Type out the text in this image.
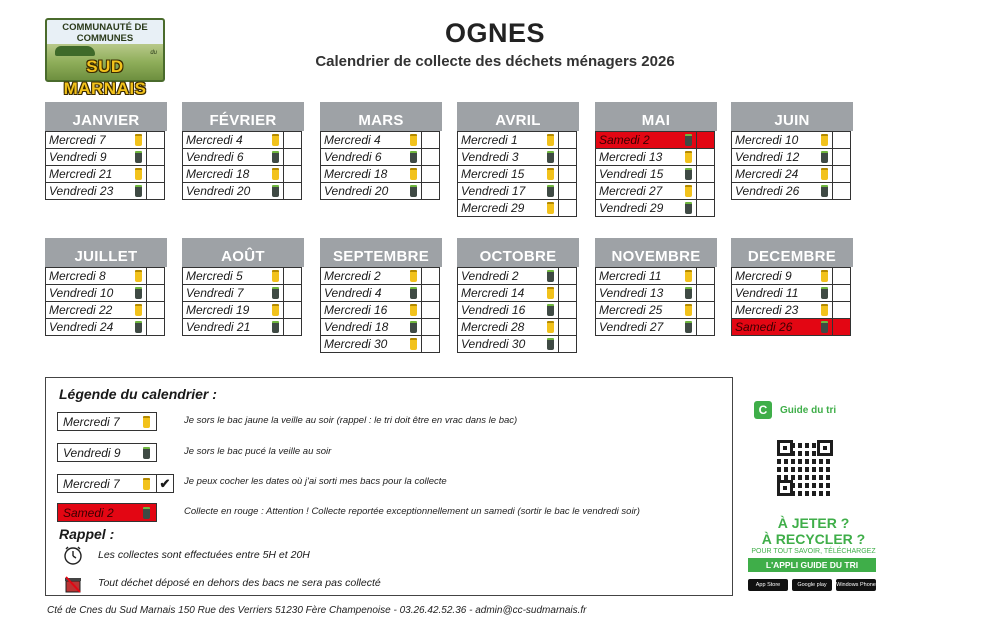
COMMUNAUTÉ DE
COMMUNES
du
SUD MARNAIS
OGNES
Calendrier de collecte des déchets ménagers 2026
JANVIER
Mercredi 7

Vendredi 9

Mercredi 21

Vendredi 23

FÉVRIER
Mercredi 4

Vendredi 6

Mercredi 18

Vendredi 20

MARS
Mercredi 4

Vendredi 6

Mercredi 18

Vendredi 20

AVRIL
Mercredi 1

Vendredi 3

Mercredi 15

Vendredi 17

Mercredi 29

MAI
Samedi 2

Mercredi 13

Vendredi 15

Mercredi 27

Vendredi 29

JUIN
Mercredi 10

Vendredi 12

Mercredi 24

Vendredi 26

JUILLET
Mercredi 8

Vendredi 10

Mercredi 22

Vendredi 24

AOÛT
Mercredi 5

Vendredi 7

Mercredi 19

Vendredi 21

SEPTEMBRE
Mercredi 2

Vendredi 4

Mercredi 16

Vendredi 18

Mercredi 30

OCTOBRE
Vendredi 2

Mercredi 14

Vendredi 16

Mercredi 28

Vendredi 30

NOVEMBRE
Mercredi 11

Vendredi 13

Mercredi 25

Vendredi 27

DECEMBRE
Mercredi 9

Vendredi 11

Mercredi 23

Samedi 26

Légende du calendrier :
Mercredi 7	Je sors le bac jaune la veille au soir (rappel : le tri doit être en vrac dans le bac)
Vendredi 9	Je sors le bac pucé la veille au soir
Mercredi 7	✔	Je peux cocher les dates où j'ai sorti mes bacs pour la collecte
Samedi 2	Collecte en rouge : Attention ! Collecte reportée exceptionnellement un samedi (sortir le bac le vendredi soir)
Rappel :
Les collectes sont effectuées entre 5H et 20H
Tout déchet déposé en dehors des bacs ne sera pas collecté
Cté de Cnes du Sud Marnais 150 Rue des Verriers 51230 Fère Champenoise - 03.26.42.52.36 - admin@cc-sudmarnais.fr
C	Guide du tri
À JETER ?
À RECYCLER ?
POUR TOUT SAVOIR, TÉLÉCHARGEZ
L'APPLI GUIDE DU TRI
App Store	Google play	Windows Phone
